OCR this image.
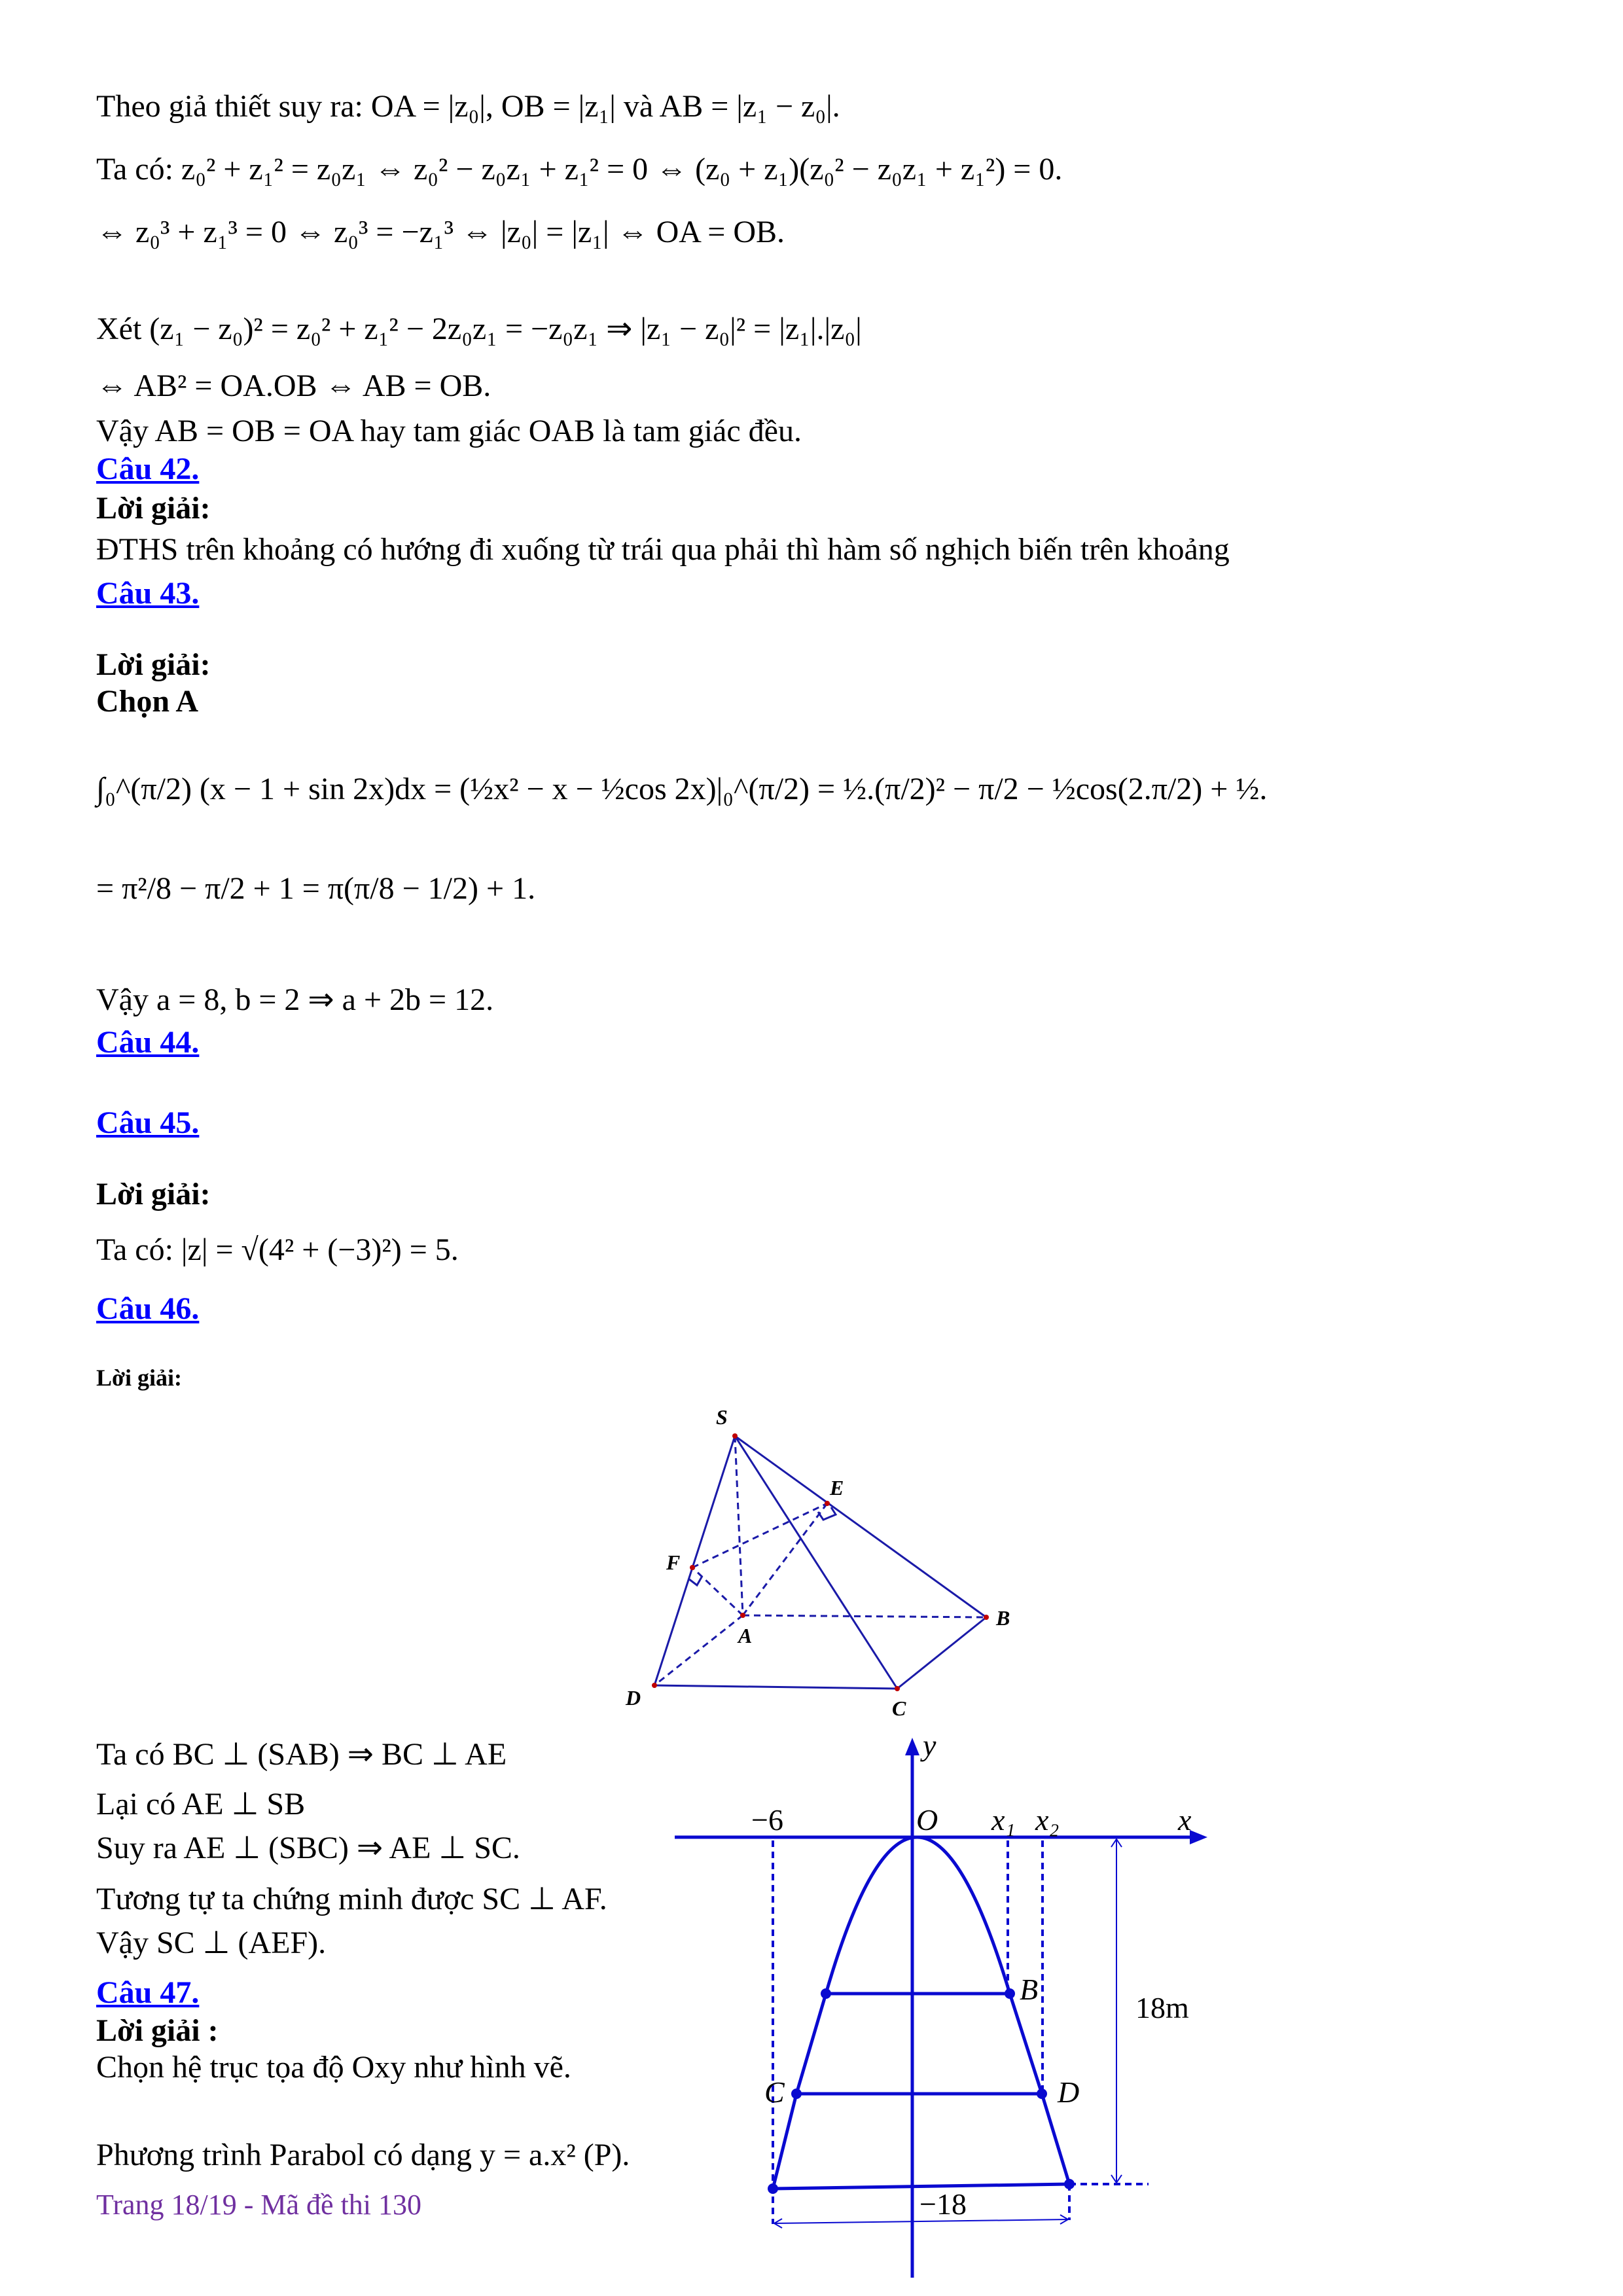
Theo giả thiết suy ra: OA = |z₀|, OB = |z₁| và AB = |z₁ − z₀|.
Ta có: z₀² + z₁² = z₀z₁ ⇔ z₀² − z₀z₁ + z₁² = 0 ⇔ (z₀ + z₁)(z₀² − z₀z₁ + z₁²) = 0.
⇔ z₀³ + z₁³ = 0 ⇔ z₀³ = −z₁³ ⇔ |z₀| = |z₁| ⇔ OA = OB.
Xét (z₁ − z₀)² = z₀² + z₁² − 2z₀z₁ = −z₀z₁ ⇒ |z₁ − z₀|² = |z₁|.|z₀|
⇔ AB² = OA.OB ⇔ AB = OB.
Vậy AB = OB = OA hay tam giác OAB là tam giác đều.
Câu 42.
Lời giải:
ĐTHS trên khoảng có hướng đi xuống từ trái qua phải thì hàm số nghịch biến trên khoảng
Câu 43.
Lời giải:
Chọn A
∫₀^(π/2) (x − 1 + sin 2x)dx = (½x² − x − ½cos 2x)|₀^(π/2) = ½.(π/2)² − π/2 − ½cos(2.π/2) + ½.
= π²/8 − π/2 + 1 = π(π/8 − 1/2) + 1.
Vậy a = 8, b = 2 ⇒ a + 2b = 12.
Câu 44.
Câu 45.
Lời giải:
Ta có: |z| = √(4² + (−3)²) = 5.
Câu 46.
Lời giải:
Ta có BC ⊥ (SAB) ⇒ BC ⊥ AE
Lại có AE ⊥ SB
Suy ra AE ⊥ (SBC) ⇒ AE ⊥ SC.
Tương tự ta chứng minh được SC ⊥ AF.
Vậy SC ⊥ (AEF).
Câu 47.
Lời giải :
Chọn hệ trục tọa độ Oxy như hình vẽ.
Phương trình Parabol có dạng y = a.x² (P).
Trang 18/19 - Mã đề thi 130
S
E
F
A
B
D	C
y
O
−6	x₁ x₂	x
B
C	D
18m
−18
